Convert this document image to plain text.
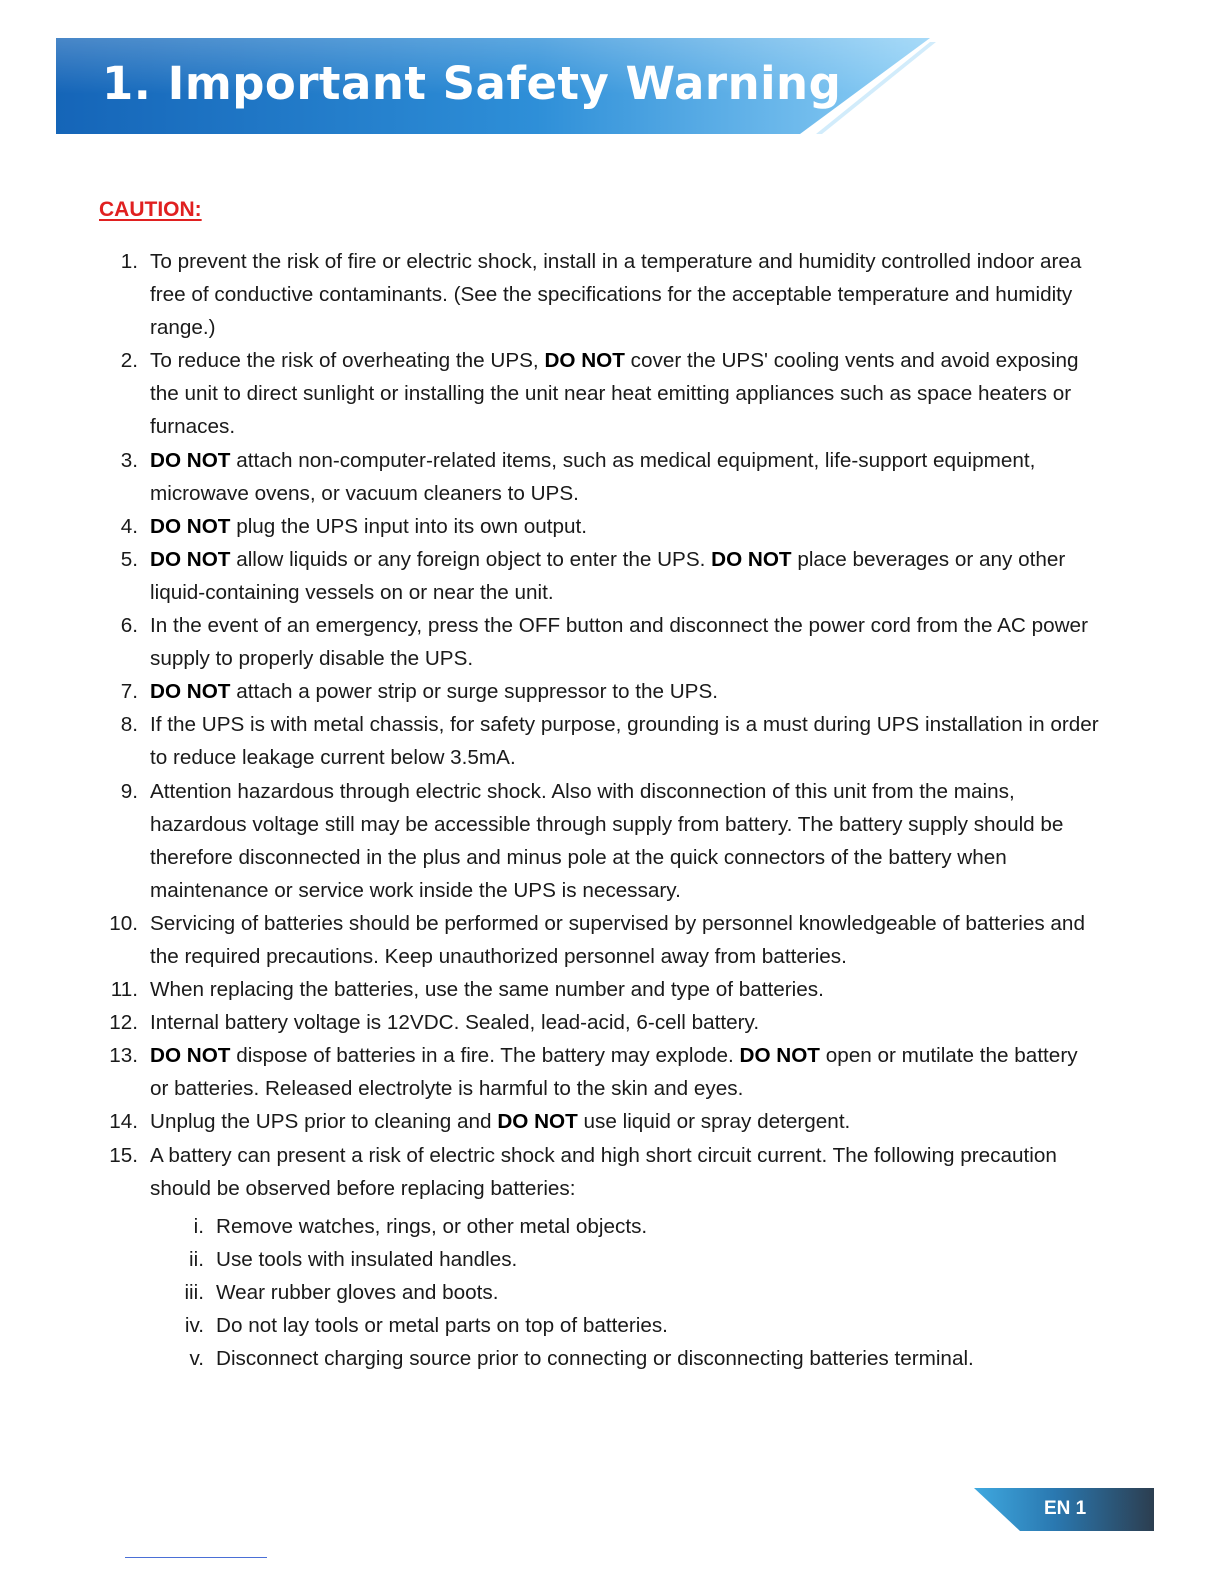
1. Important Safety Warning

CAUTION:

1. To prevent the risk of fire or electric shock, install in a temperature and humidity controlled indoor area free of conductive contaminants. (See the specifications for the acceptable temperature and humidity range.)
2. To reduce the risk of overheating the UPS, DO NOT cover the UPS' cooling vents and avoid exposing the unit to direct sunlight or installing the unit near heat emitting appliances such as space heaters or furnaces.
3. DO NOT attach non-computer-related items, such as medical equipment, life-support equipment, microwave ovens, or vacuum cleaners to UPS.
4. DO NOT plug the UPS input into its own output.
5. DO NOT allow liquids or any foreign object to enter the UPS. DO NOT place beverages or any other liquid-containing vessels on or near the unit.
6. In the event of an emergency, press the OFF button and disconnect the power cord from the AC power supply to properly disable the UPS.
7. DO NOT attach a power strip or surge suppressor to the UPS.
8. If the UPS is with metal chassis, for safety purpose, grounding is a must during UPS installation in order to reduce leakage current below 3.5mA.
9. Attention hazardous through electric shock. Also with disconnection of this unit from the mains, hazardous voltage still may be accessible through supply from battery. The battery supply should be therefore disconnected in the plus and minus pole at the quick connectors of the battery when maintenance or service work inside the UPS is necessary.
10. Servicing of batteries should be performed or supervised by personnel knowledgeable of batteries and the required precautions. Keep unauthorized personnel away from batteries.
11. When replacing the batteries, use the same number and type of batteries.
12. Internal battery voltage is 12VDC. Sealed, lead-acid, 6-cell battery.
13. DO NOT dispose of batteries in a fire. The battery may explode. DO NOT open or mutilate the battery or batteries. Released electrolyte is harmful to the skin and eyes.
14. Unplug the UPS prior to cleaning and DO NOT use liquid or spray detergent.
15. A battery can present a risk of electric shock and high short circuit current. The following precaution should be observed before replacing batteries:
i. Remove watches, rings, or other metal objects.
ii. Use tools with insulated handles.
iii. Wear rubber gloves and boots.
iv. Do not lay tools or metal parts on top of batteries.
v. Disconnect charging source prior to connecting or disconnecting batteries terminal.
EN 1
